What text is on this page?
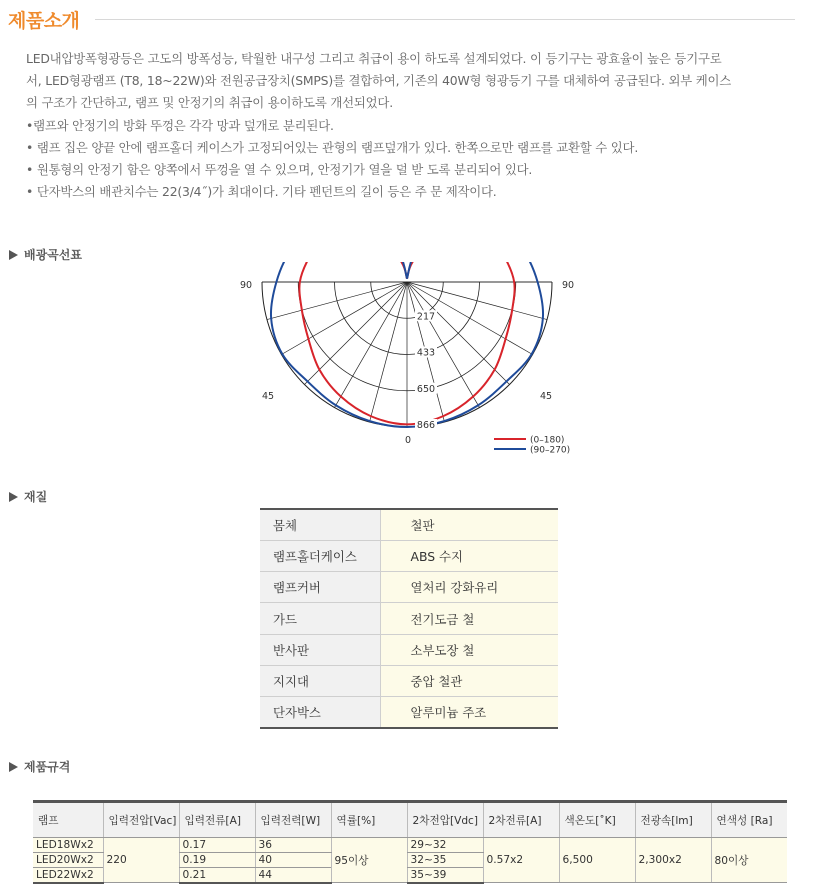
제품소개

LED내압방폭형광등은 고도의 방폭성능, 탁월한 내구성 그리고 취급이 용이 하도록 설계되었다. 이 등기구는 광효율이 높은 등기구로

서, LED형광램프 (T8, 18~22W)와 전원공급장치(SMPS)를 결합하여, 기존의 40W형 형광등기 구를 대체하여 공급된다. 외부 케이스

의 구조가 간단하고, 램프 및 안정기의 취급이 용이하도록 개선되었다.

•램프와 안정기의 방화 뚜껑은 각각 망과 덮개로 분리된다.

• 램프 집은 양끝 안에 램프홀더 케이스가 고정되어있는 관형의 램프덮개가 있다. 한쪽으로만 램프를 교환할 수 있다.

• 원통형의 안정기 함은 양쪽에서 뚜껑을 열 수 있으며, 안정기가 열을 덜 받 도록 분리되어 있다.

• 단자박스의 배관치수는 22(3/4˝)가 최대이다. 기타 펜던트의 길이 등은 주 문 제작이다.

배광곡선표
217
433
650
866
90	90
45	45
0	(0–180)
(90–270)
재질
몸체	철판
램프홀더케이스	ABS 수지
램프커버	열처리 강화유리
가드	전기도금 철
반사판	소부도장 철
지지대	중압 철관
단자박스	알루미늄 주조
제품규격
램프	입력전압[Vac]	입력전류[A]	입력전력[W]	역률[%]	2차전압[Vdc]	2차전류[A]	색온도[˚K]	전광속[lm]	연색성 [Ra]
LED18Wx2	220	0.17	36	95이상	29~32	0.57x2	6,500	2,300x2	80이상
LED20Wx2		0.19	40		32~35				
LED22Wx2		0.21	44		35~39				
